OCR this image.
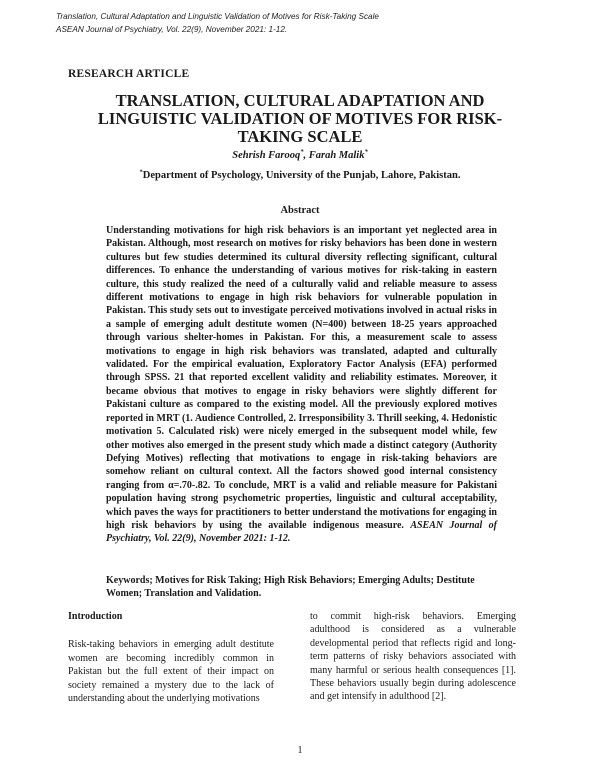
Translation, Cultural Adaptation and Linguistic Validation of Motives for Risk-Taking Scale
ASEAN Journal of Psychiatry, Vol. 22(9), November 2021: 1-12.
RESEARCH ARTICLE
TRANSLATION, CULTURAL ADAPTATION AND LINGUISTIC VALIDATION OF MOTIVES FOR RISK-TAKING SCALE
Sehrish Farooq*, Farah Malik*
*Department of Psychology, University of the Punjab, Lahore, Pakistan.
Abstract

Understanding motivations for high risk behaviors is an important yet neglected area in Pakistan. Although, most research on motives for risky behaviors has been done in western cultures but few studies determined its cultural diversity reflecting significant, cultural differences. To enhance the understanding of various motives for risk-taking in eastern culture, this study realized the need of a culturally valid and reliable measure to assess different motivations to engage in high risk behaviors for vulnerable population in Pakistan. This study sets out to investigate perceived motivations involved in actual risks in a sample of emerging adult destitute women (N=400) between 18-25 years approached through various shelter-homes in Pakistan. For this, a measurement scale to assess motivations to engage in high risk behaviors was translated, adapted and culturally validated. For the empirical evaluation, Exploratory Factor Analysis (EFA) performed through SPSS. 21 that reported excellent validity and reliability estimates. Moreover, it became obvious that motives to engage in risky behaviors were slightly different for Pakistani culture as compared to the existing model. All the previously explored motives reported in MRT (1. Audience Controlled, 2. Irresponsibility 3. Thrill seeking, 4. Hedonistic motivation 5. Calculated risk) were nicely emerged in the subsequent model while, few other motives also emerged in the present study which made a distinct category (Authority Defying Motives) reflecting that motivations to engage in risk-taking behaviors are somehow reliant on cultural context. All the factors showed good internal consistency ranging from α=.70-.82. To conclude, MRT is a valid and reliable measure for Pakistani population having strong psychometric properties, linguistic and cultural acceptability, which paves the ways for practitioners to better understand the motivations for engaging in high risk behaviors by using the available indigenous measure. ASEAN Journal of Psychiatry, Vol. 22(9), November 2021: 1-12.

Keywords; Motives for Risk Taking; High Risk Behaviors; Emerging Adults; Destitute Women; Translation and Validation.

Introduction

Risk-taking behaviors in emerging adult destitute women are becoming incredibly common in Pakistan but the full extent of their impact on society remained a mystery due to the lack of understanding about the underlying motivations

to commit high-risk behaviors. Emerging adulthood is considered as a vulnerable developmental period that reflects rigid and long-term patterns of risky behaviors associated with many harmful or serious health consequences [1]. These behaviors usually begin during adolescence and get intensify in adulthood [2].

1
